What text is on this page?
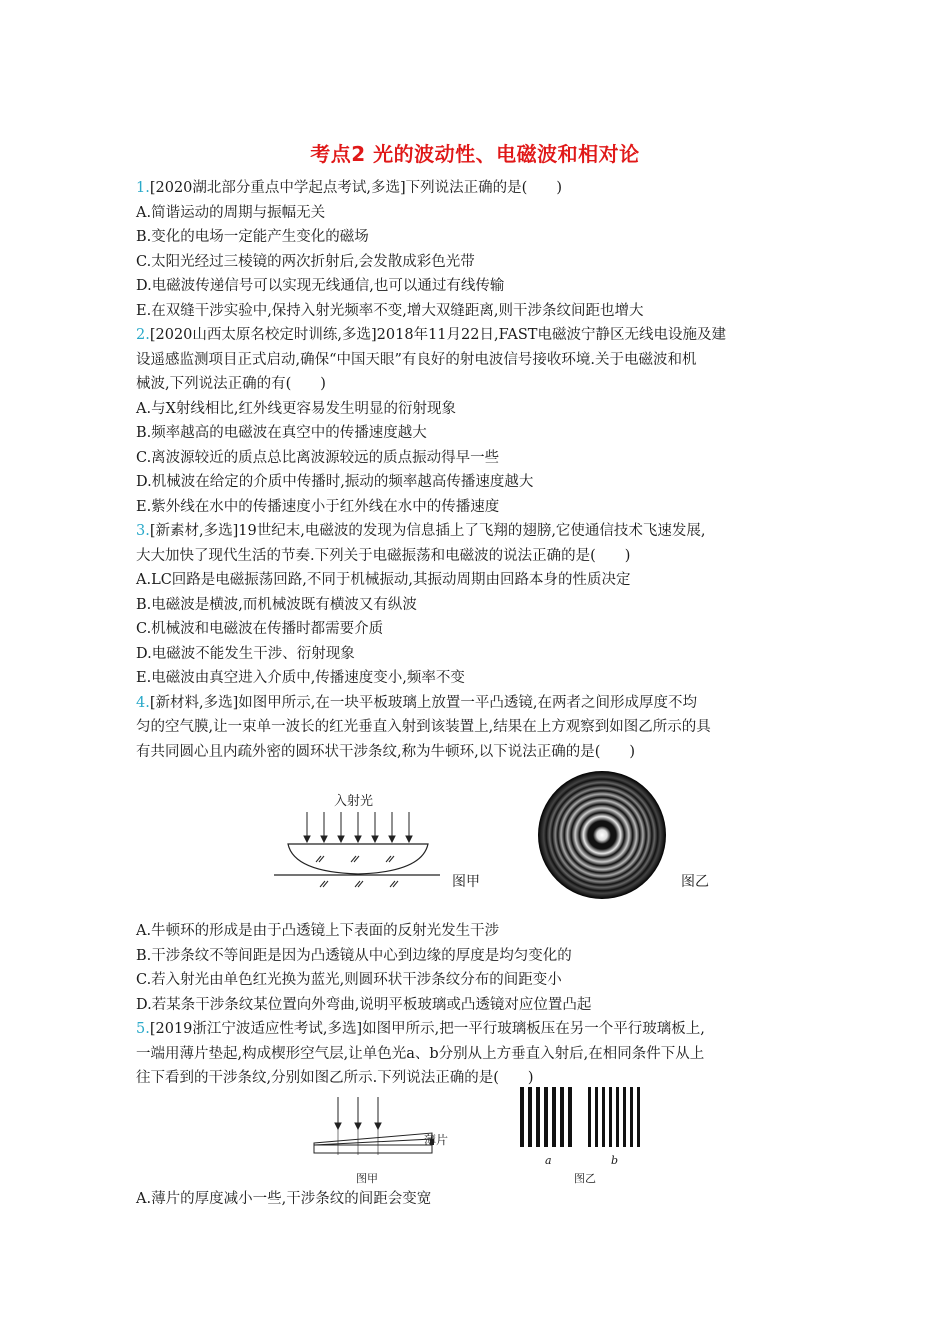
考点2 光的波动性、电磁波和相对论

1.[2020湖北部分重点中学起点考试,多选]下列说法正确的是(　　)

A.简谐运动的周期与振幅无关

B.变化的电场一定能产生变化的磁场

C.太阳光经过三棱镜的两次折射后,会发散成彩色光带

D.电磁波传递信号可以实现无线通信,也可以通过有线传输

E.在双缝干涉实验中,保持入射光频率不变,增大双缝距离,则干涉条纹间距也增大

2.[2020山西太原名校定时训练,多选]2018年11月22日,FAST电磁波宁静区无线电设施及建

设遥感监测项目正式启动,确保“中国天眼”有良好的射电波信号接收环境.关于电磁波和机

械波,下列说法正确的有(　　)

A.与X射线相比,红外线更容易发生明显的衍射现象

B.频率越高的电磁波在真空中的传播速度越大

C.离波源较近的质点总比离波源较远的质点振动得早一些

D.机械波在给定的介质中传播时,振动的频率越高传播速度越大

E.紫外线在水中的传播速度小于红外线在水中的传播速度

3.[新素材,多选]19世纪末,电磁波的发现为信息插上了飞翔的翅膀,它使通信技术飞速发展,

大大加快了现代生活的节奏.下列关于电磁振荡和电磁波的说法正确的是(　　)

A.LC回路是电磁振荡回路,不同于机械振动,其振动周期由回路本身的性质决定

B.电磁波是横波,而机械波既有横波又有纵波

C.机械波和电磁波在传播时都需要介质

D.电磁波不能发生干涉、衍射现象

E.电磁波由真空进入介质中,传播速度变小,频率不变

4.[新材料,多选]如图甲所示,在一块平板玻璃上放置一平凸透镜,在两者之间形成厚度不均

匀的空气膜,让一束单一波长的红光垂直入射到该装置上,结果在上方观察到如图乙所示的具

有共同圆心且内疏外密的圆环状干涉条纹,称为牛顿环,以下说法正确的是(　　)

入射光
图甲	图乙

A.牛顿环的形成是由于凸透镜上下表面的反射光发生干涉

B.干涉条纹不等间距是因为凸透镜从中心到边缘的厚度是均匀变化的

C.若入射光由单色红光换为蓝光,则圆环状干涉条纹分布的间距变小

D.若某条干涉条纹某位置向外弯曲,说明平板玻璃或凸透镜对应位置凸起

5.[2019浙江宁波适应性考试,多选]如图甲所示,把一平行玻璃板压在另一个平行玻璃板上,

一端用薄片垫起,构成楔形空气层,让单色光a、b分别从上方垂直入射后,在相同条件下从上

往下看到的干涉条纹,分别如图乙所示.下列说法正确的是(　　)

薄片
图甲
a	b
图乙

A.薄片的厚度减小一些,干涉条纹的间距会变宽
